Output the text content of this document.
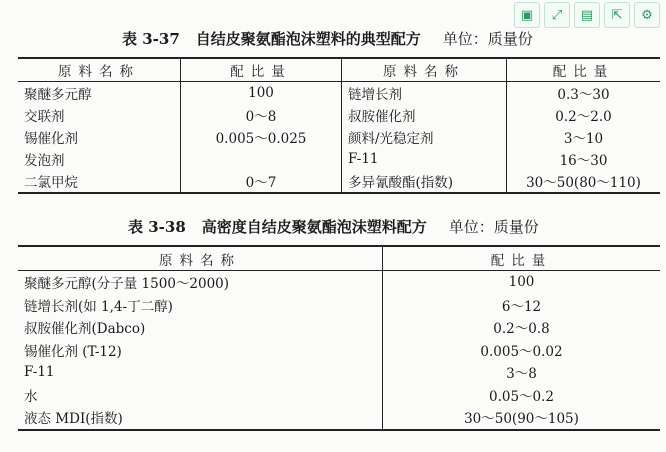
▣	⤢	▤	⇱	⚙
表 3-37 自结皮聚氨酯泡沫塑料的典型配方 单位：质量份
原料名称	配比量	原料名称	配比量
聚醚多元醇	100	链增长剂	0.3～30
交联剂	0～8	叔胺催化剂	0.2～2.0
锡催化剂	0.005～0.025	颜料/光稳定剂	3～10
发泡剂		F-11	16～30
二氯甲烷	0～7	多异氰酸酯(指数)	30～50(80～110)
表 3-38 高密度自结皮聚氨酯泡沫塑料配方 单位：质量份
原料名称	配比量
聚醚多元醇(分子量 1500～2000)	100
链增长剂(如 1,4-丁二醇)	6～12
叔胺催化剂(Dabco)	0.2～0.8
锡催化剂 (T-12)	0.005～0.02
F-11	3～8
水	0.05～0.2
液态 MDI(指数)	30～50(90～105)
